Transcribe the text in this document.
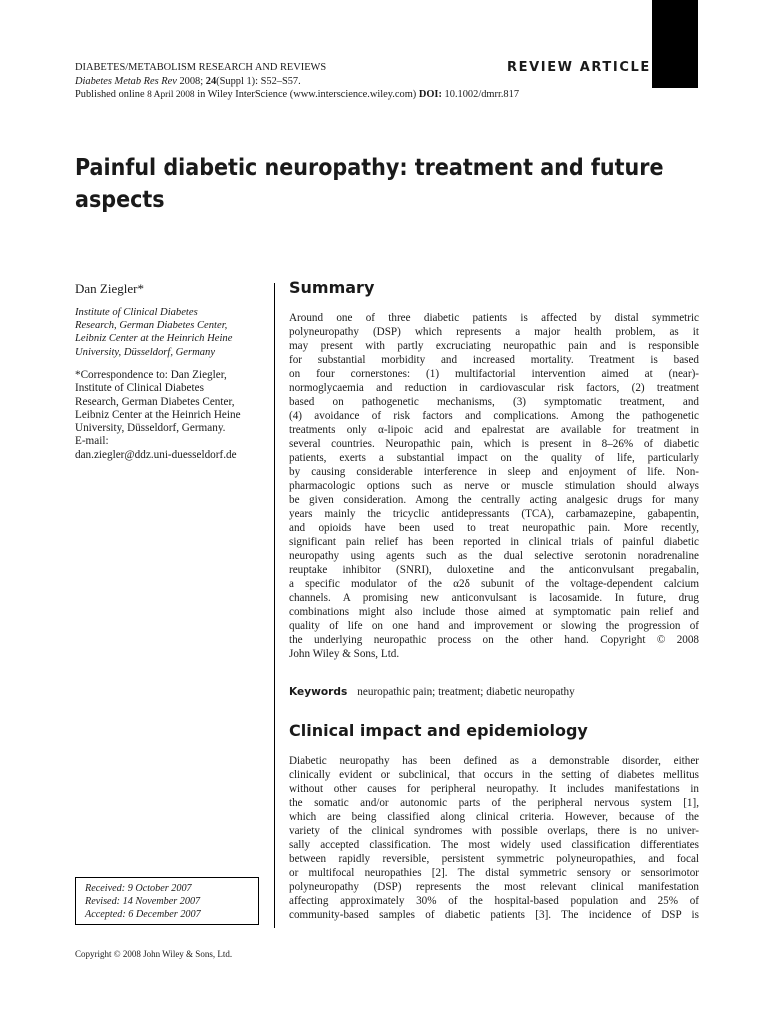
DIABETES/METABOLISM RESEARCH AND REVIEWS
Diabetes Metab Res Rev 2008; 24(Suppl 1): S52–S57.
Published online 8 April 2008 in Wiley InterScience (www.interscience.wiley.com) DOI: 10.1002/dmrr.817
REVIEW ARTICLE
Painful diabetic neuropathy: treatment and future aspects
Dan Ziegler*
Institute of Clinical Diabetes
Research, German Diabetes Center,
Leibniz Center at the Heinrich Heine
University, Düsseldorf, Germany
*Correspondence to: Dan Ziegler,
Institute of Clinical Diabetes
Research, German Diabetes Center,
Leibniz Center at the Heinrich Heine
University, Düsseldorf, Germany.
E-mail:
dan.ziegler@ddz.uni-duesseldorf.de
Received: 9 October 2007
Revised: 14 November 2007
Accepted: 6 December 2007
Copyright © 2008 John Wiley & Sons, Ltd.
Summary
Around one of three diabetic patients is affected by distal symmetric
polyneuropathy (DSP) which represents a major health problem, as it
may present with partly excruciating neuropathic pain and is responsible
for substantial morbidity and increased mortality. Treatment is based
on four cornerstones: (1) multifactorial intervention aimed at (near)-
normoglycaemia and reduction in cardiovascular risk factors, (2) treatment
based on pathogenetic mechanisms, (3) symptomatic treatment, and
(4) avoidance of risk factors and complications. Among the pathogenetic
treatments only α-lipoic acid and epalrestat are available for treatment in
several countries. Neuropathic pain, which is present in 8–26% of diabetic
patients, exerts a substantial impact on the quality of life, particularly
by causing considerable interference in sleep and enjoyment of life. Non-
pharmacologic options such as nerve or muscle stimulation should always
be given consideration. Among the centrally acting analgesic drugs for many
years mainly the tricyclic antidepressants (TCA), carbamazepine, gabapentin,
and opioids have been used to treat neuropathic pain. More recently,
significant pain relief has been reported in clinical trials of painful diabetic
neuropathy using agents such as the dual selective serotonin noradrenaline
reuptake inhibitor (SNRI), duloxetine and the anticonvulsant pregabalin,
a specific modulator of the α2δ subunit of the voltage-dependent calcium
channels. A promising new anticonvulsant is lacosamide. In future, drug
combinations might also include those aimed at symptomatic pain relief and
quality of life on one hand and improvement or slowing the progression of
the underlying neuropathic process on the other hand. Copyright © 2008
John Wiley & Sons, Ltd.
Keywords neuropathic pain; treatment; diabetic neuropathy
Clinical impact and epidemiology
Diabetic neuropathy has been defined as a demonstrable disorder, either
clinically evident or subclinical, that occurs in the setting of diabetes mellitus
without other causes for peripheral neuropathy. It includes manifestations in
the somatic and/or autonomic parts of the peripheral nervous system [1],
which are being classified along clinical criteria. However, because of the
variety of the clinical syndromes with possible overlaps, there is no univer-
sally accepted classification. The most widely used classification differentiates
between rapidly reversible, persistent symmetric polyneuropathies, and focal
or multifocal neuropathies [2]. The distal symmetric sensory or sensorimotor
polyneuropathy (DSP) represents the most relevant clinical manifestation
affecting approximately 30% of the hospital-based population and 25% of
community-based samples of diabetic patients [3]. The incidence of DSP is
